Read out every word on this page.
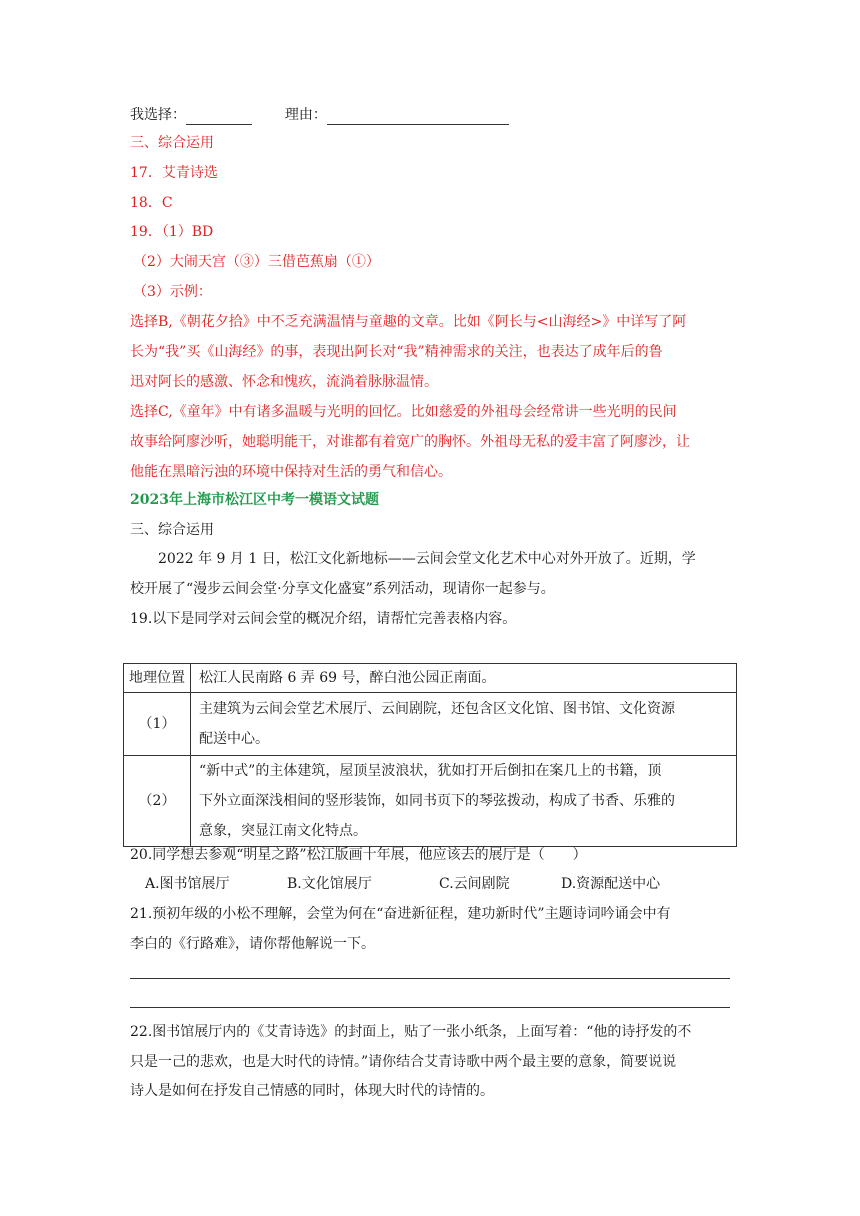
我选择：	理由：
三、综合运用
17．艾青诗选
18．C
19．（1）BD
（2）大闹天宫（③）三借芭蕉扇（①）
（3）示例：
选择B,《朝花夕拾》中不乏充满温情与童趣的文章。比如《阿长与<山海经>》中详写了阿
长为“我”买《山海经》的事，表现出阿长对“我”精神需求的关注，也表达了成年后的鲁
迅对阿长的感激、怀念和愧疚，流淌着脉脉温情。
选择C,《童年》中有诸多温暖与光明的回忆。比如慈爱的外祖母会经常讲一些光明的民间
故事给阿廖沙听，她聪明能干，对谁都有着宽广的胸怀。外祖母无私的爱丰富了阿廖沙，让
他能在黑暗污浊的环境中保持对生活的勇气和信心。
2023年上海市松江区中考一模语文试题
三、综合运用
2022 年 9 月 1 日，松江文化新地标——云间会堂文化艺术中心对外开放了。近期，学
校开展了“漫步云间会堂·分享文化盛宴”系列活动，现请你一起参与。
19.以下是同学对云间会堂的概况介绍，请帮忙完善表格内容。
地理位置	松江人民南路 6 弄 69 号，醉白池公园正南面。
（1）	主建筑为云间会堂艺术展厅、云间剧院，还包含区文化馆、图书馆、文化资源
配送中心。
（2）	“新中式”的主体建筑，屋顶呈波浪状，犹如打开后倒扣在案几上的书籍，顶
下外立面深浅相间的竖形装饰，如同书页下的琴弦拨动，构成了书香、乐雅的
意象，突显江南文化特点。
20.同学想去参观“明星之路”松江版画十年展，他应该去的展厅是（　　）
A.图书馆展厅	B.文化馆展厅	C.云间剧院	D.资源配送中心
21.预初年级的小松不理解，会堂为何在“奋进新征程，建功新时代”主题诗词吟诵会中有
李白的《行路难》，请你帮他解说一下。
22.图书馆展厅内的《艾青诗选》的封面上，贴了一张小纸条，上面写着：“他的诗抒发的不
只是一己的悲欢，也是大时代的诗情。”请你结合艾青诗歌中两个最主要的意象，简要说说
诗人是如何在抒发自己情感的同时，体现大时代的诗情的。
